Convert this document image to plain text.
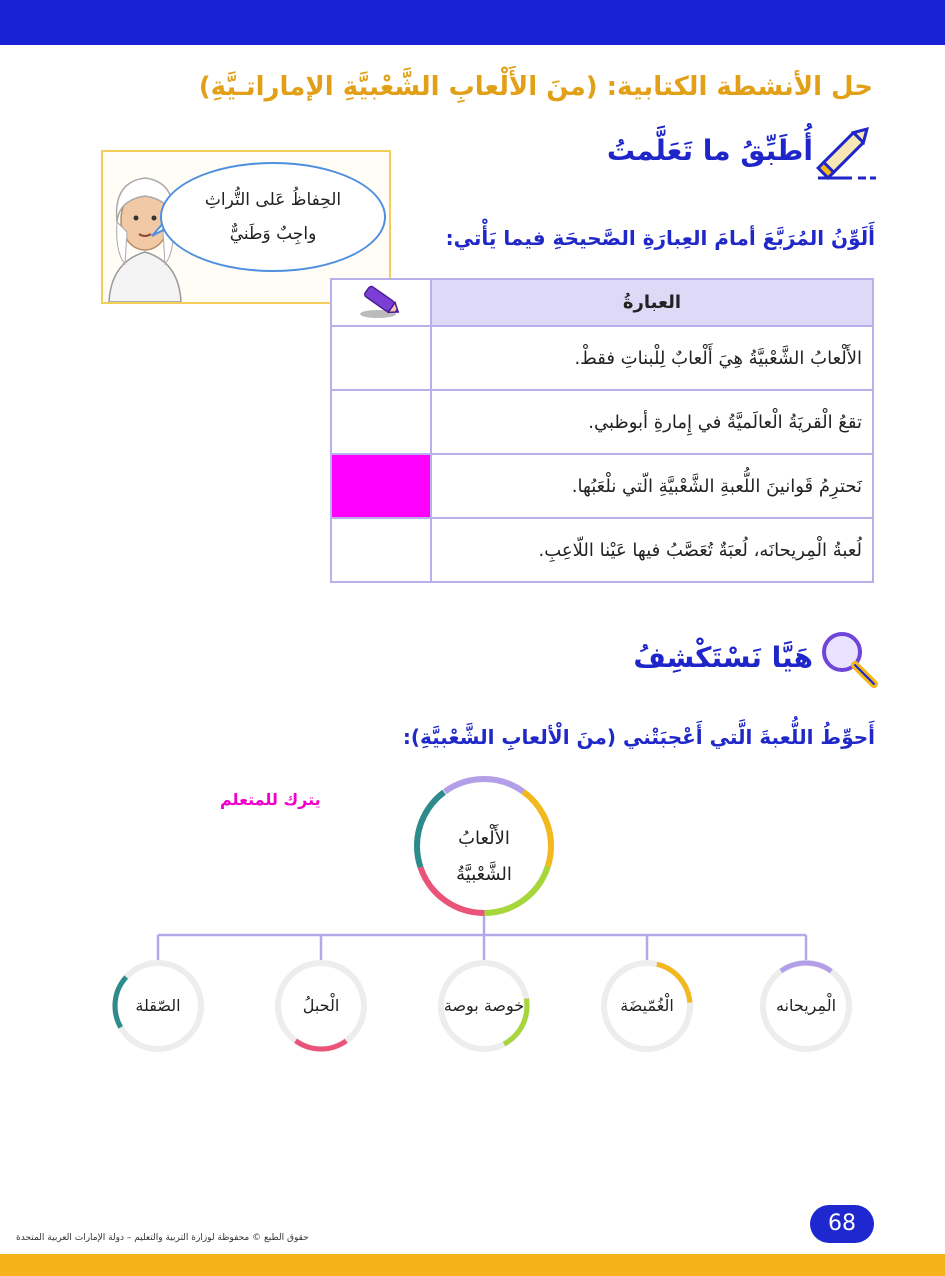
حل الأنشطة الكتابية: (منَ الأَلْعابِ الشَّعْبيَّةِ الإماراتـيَّةِ)
أُطَبِّقُ ما تَعَلَّمتُ
الحِفاظُ عَلى التُّراثِ
واجِبٌ وَطَنيٌّ	أَلَوِّنُ المُرَبَّعَ أمامَ العِبارَةِ الصَّحيحَةِ فيما يَأْتي:
العبارةُ	
الأَلْعابُ الشَّعْبيَّةُ هِيَ أَلْعابٌ لِلْبناتِ فقطْ.	
تقعُ الْقريَةُ الْعالَميَّةُ في إِمارةِ أبوظبي.	
نَحترِمُ قَوانينَ اللُّعبةِ الشَّعْبيَّةِ الّتي نلْعَبُها.	
لُعبةُ الْمِريحانَه، لُعبَةٌ تُعَصَّبُ فيها عَيْنا اللّاعِبِ.	
هَيَّا نَسْتَكْشِفُ
أَحوِّطُ اللُّعبةَ الَّتي أَعْجبَتْني (منَ الْألعابِ الشَّعْبيَّةِ):
يترك للمتعلم
الأَلْعابُ
الشَّعْبيَّةُ
الْمِريحانه
الْغُمّيضَة
خوصة بوصة
الْحبلُ
الصّقلة
68
حقوق الطبع © محفوظة لوزارة التربية والتعليم – دولة الإمارات العربية المتحدة
